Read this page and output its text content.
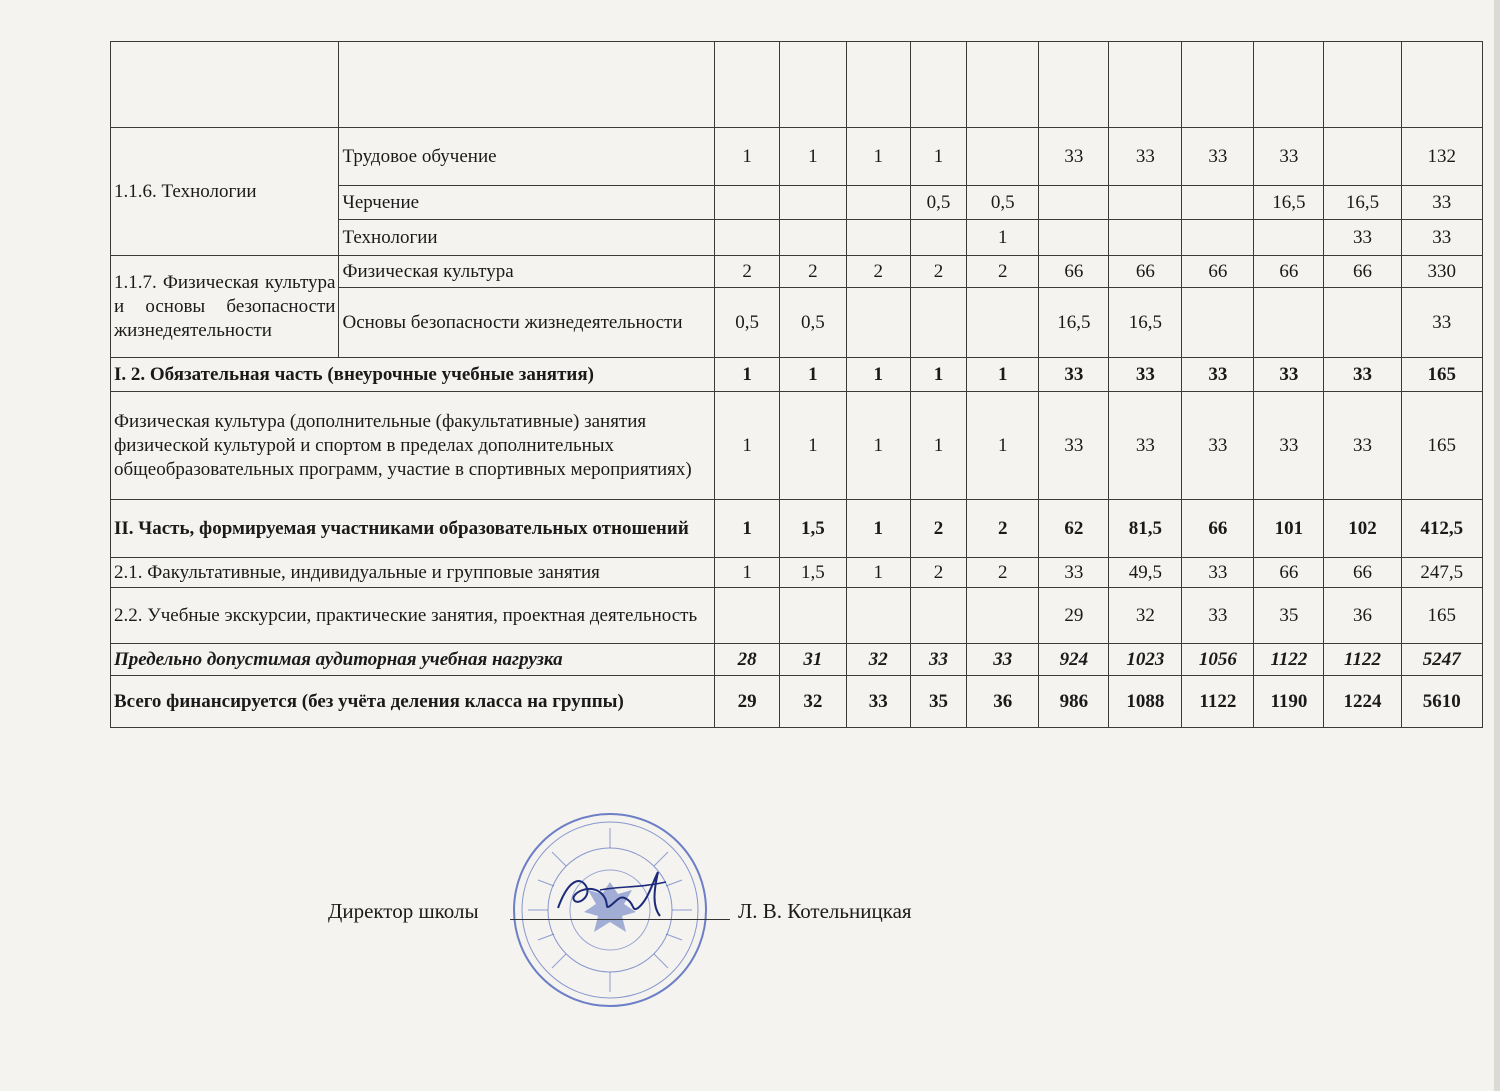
1.1.6. Технологии	Трудовое обучение	1	1	1	1		33	33	33	33		132
	Черчение				0,5	0,5				16,5	16,5	33
	Технологии					1					33	33
1.1.7. Физическая культура и основы безопасности жизнедеятельности	Физическая культура	2	2	2	2	2	66	66	66	66	66	330
	Основы безопасности жизнедеятельности	0,5	0,5				16,5	16,5				33
I. 2. Обязательная часть (внеурочные учебные занятия)		1	1	1	1	1	33	33	33	33	33	165
Физическая культура (дополнительные (факультативные) занятия физической культурой и спортом в пределах дополнительных общеобразовательных программ, участие в спортивных мероприятиях)		1	1	1	1	1	33	33	33	33	33	165
II. Часть, формируемая участниками образовательных отношений		1	1,5	1	2	2	62	81,5	66	101	102	412,5
2.1. Факультативные, индивидуальные и групповые занятия		1	1,5	1	2	2	33	49,5	33	66	66	247,5
2.2. Учебные экскурсии, практические занятия, проектная деятельность							29	32	33	35	36	165
Предельно допустимая аудиторная учебная нагрузка		28	31	32	33	33	924	1023	1056	1122	1122	5247
Всего финансируется (без учёта деления класса на группы)		29	32	33	35	36	986	1088	1122	1190	1224	5610
Директор школы	Л. В. Котельницкая
